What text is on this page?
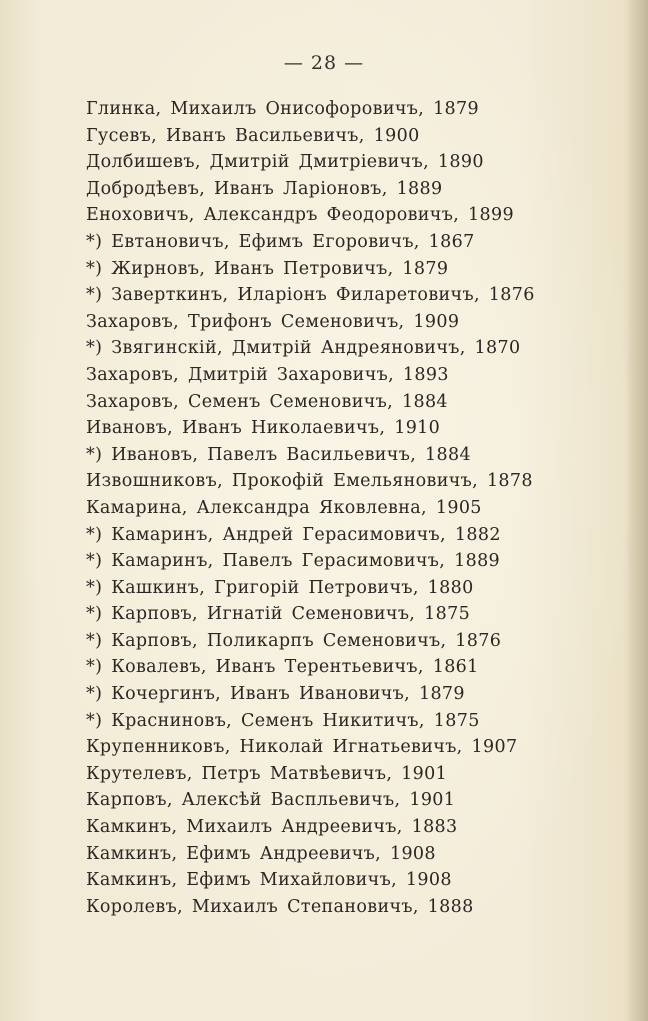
— 28 —
Глинка, Михаилъ Онисофоровичъ, 1879
Гусевъ, Иванъ Васильевичъ, 1900
Долбишевъ, Дмитрій Дмитріевичъ, 1890
Добродѣевъ, Иванъ Ларіоновъ, 1889
Еноховичъ, Александръ Феодоровичъ, 1899
*) Евтановичъ, Ефимъ Егоровичъ, 1867
*) Жирновъ, Иванъ Петровичъ, 1879
*) Заверткинъ, Иларіонъ Филаретовичъ, 1876
Захаровъ, Трифонъ Семеновичъ, 1909
*) Звягинскій, Дмитрій Андреяновичъ, 1870
Захаровъ, Дмитрій Захаровичъ, 1893
Захаровъ, Семенъ Семеновичъ, 1884
Ивановъ, Иванъ Николаевичъ, 1910
*) Ивановъ, Павелъ Васильевичъ, 1884
Извошниковъ, Прокофій Емельяновичъ, 1878
Камарина, Александра Яковлевна, 1905
*) Камаринъ, Андрей Герасимовичъ, 1882
*) Камаринъ, Павелъ Герасимовичъ, 1889
*) Кашкинъ, Григорій Петровичъ, 1880
*) Карповъ, Игнатій Семеновичъ, 1875
*) Карповъ, Поликарпъ Семеновичъ, 1876
*) Ковалевъ, Иванъ Терентьевичъ, 1861
*) Кочергинъ, Иванъ Ивановичъ, 1879
*) Красниновъ, Семенъ Никитичъ, 1875
Крупенниковъ, Николай Игнатьевичъ, 1907
Крутелевъ, Петръ Матвѣевичъ, 1901
Карповъ, Алексѣй Васпльевичъ, 1901
Камкинъ, Михаилъ Андреевичъ, 1883
Камкинъ, Ефимъ Андреевичъ, 1908
Камкинъ, Ефимъ Михайловичъ, 1908
Королевъ, Михаилъ Степановичъ, 1888
